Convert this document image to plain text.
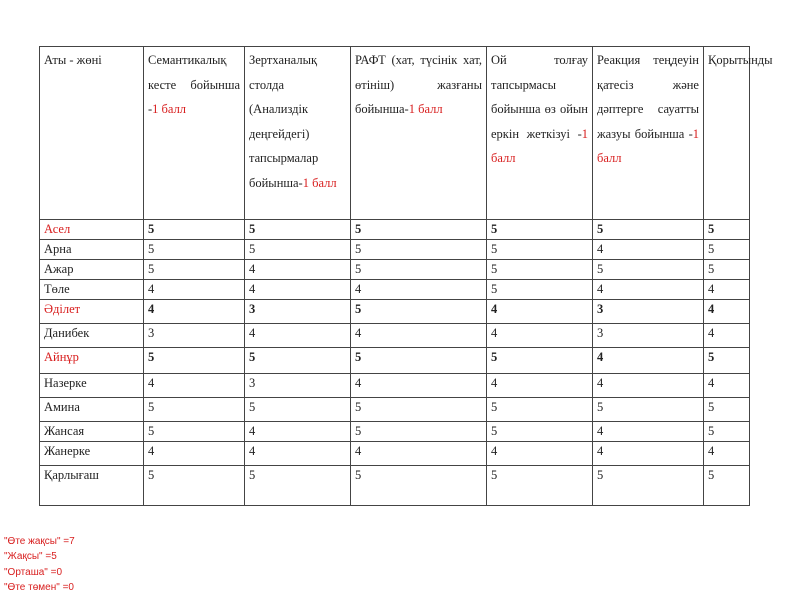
Аты - жөні	Семантикалық кесте бойынша -1 балл	Зертханалық столда (Анализдік деңгейдегі) тапсырмалар бойынша-1 балл	РАФТ (хат, түсінік хат, өтініш) жазғаны бойынша-1 балл	Ой толғау тапсырмасы бойынша өз ойын еркін жеткізуі -1 балл	Реакция теңдеуін қатесіз және дәптерге сауатты жазуы бойынша -1 балл	Қорытынды

Асел	5	5	5	5	5	5
Арна	5	5	5	5	4	5
Ажар	5	4	5	5	5	5
Төле	4	4	4	5	4	4
Әділет	4	3	5	4	3	4
Данибек	3	4	4	4	3	4
Айнұр	5	5	5	5	4	5
Назерке	4	3	4	4	4	4
Амина	5	5	5	5	5	5
Жансая	5	4	5	5	4	5
Жанерке	4	4	4	4	4	4
Қарлығаш	5	5	5	5	5	5
"Өте жақсы" =7
"Жақсы" =5
"Орташа" =0
"Өте төмен" =0
